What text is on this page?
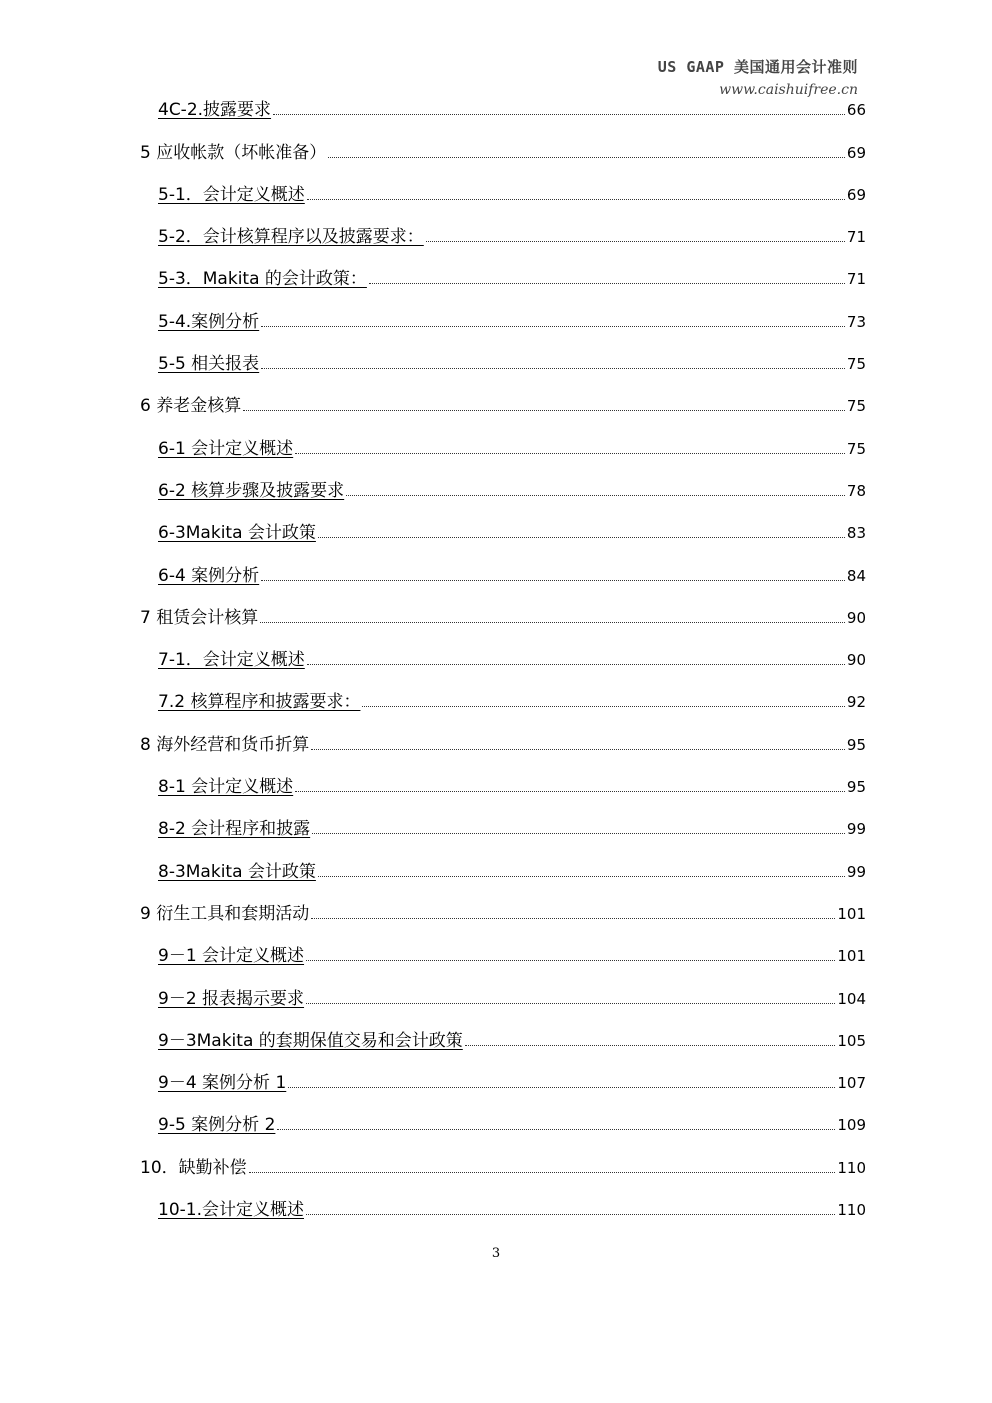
US GAAP 美国通用会计准则
www.caishuifree.cn
4C-2.披露要求	66
5 应收帐款（坏帐准备）	69
5-1．会计定义概述	69
5-2．会计核算程序以及披露要求：	71
5-3．Makita 的会计政策：	71
5-4.案例分析	73
5-5 相关报表	75
6 养老金核算	75
6-1 会计定义概述	75
6-2 核算步骤及披露要求	78
6-3Makita 会计政策	83
6-4 案例分析	84
7 租赁会计核算	90
7-1．会计定义概述	90
7.2 核算程序和披露要求：	92
8 海外经营和货币折算	95
8-1 会计定义概述	95
8-2 会计程序和披露	99
8-3Makita 会计政策	99
9 衍生工具和套期活动	101
9－1 会计定义概述	101
9－2 报表揭示要求	104
9－3Makita 的套期保值交易和会计政策	105
9－4 案例分析 1	107
9-5 案例分析 2	109
10．缺勤补偿	110
10-1.会计定义概述	110
3
